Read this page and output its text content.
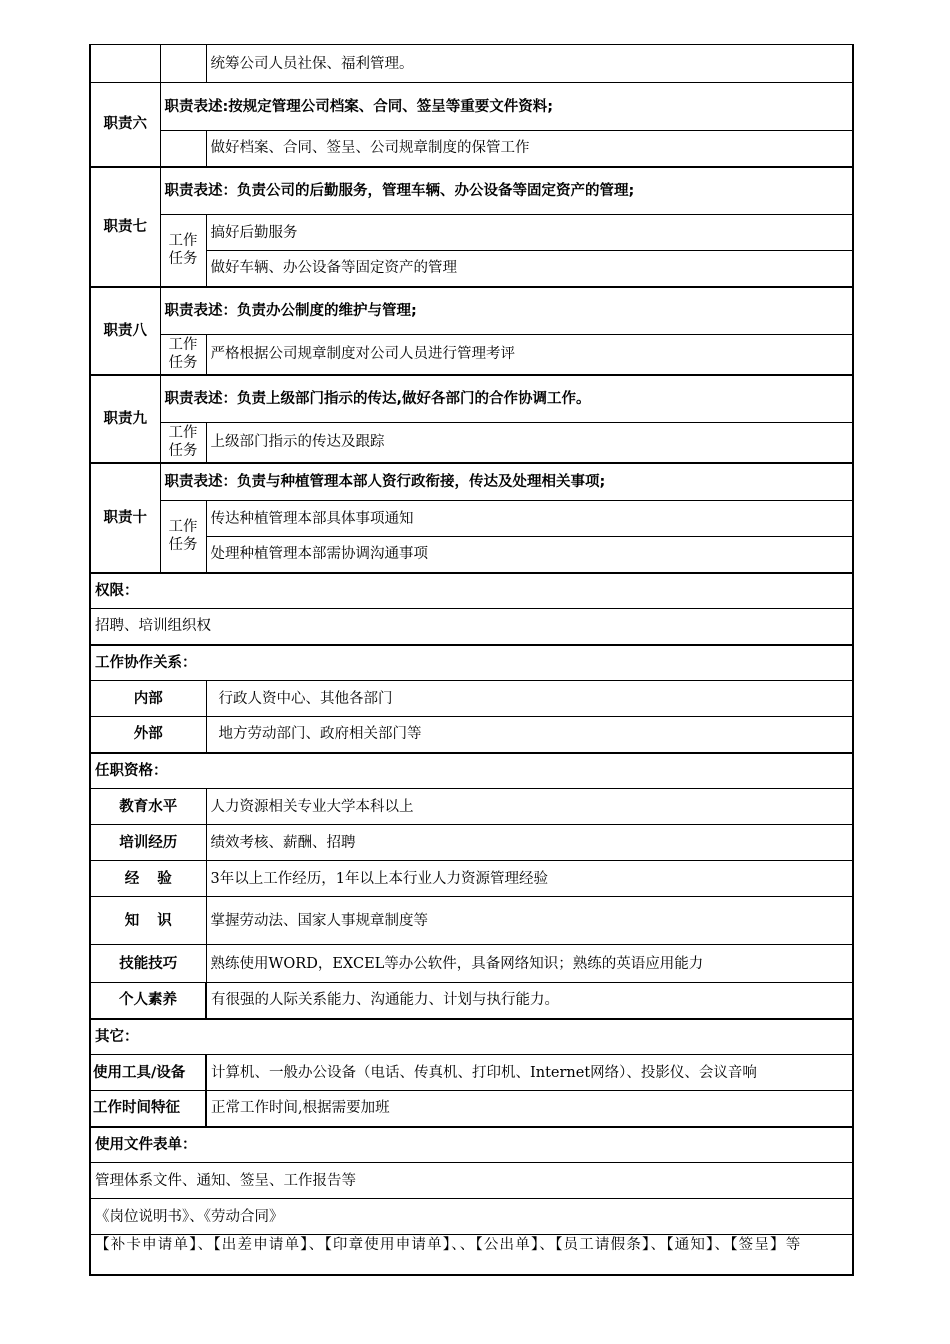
		统筹公司人员社保、福利管理。
职责六	职责表述:按规定管理公司档案、合同、签呈等重要文件资料;	
		做好档案、合同、签呈、公司规章制度的保管工作
职责七	职责表述：负责公司的后勤服务，管理车辆、办公设备等固定资产的管理;	
	工作任务	搞好后勤服务
		做好车辆、办公设备等固定资产的管理
职责八	职责表述：负责办公制度的维护与管理;	
	工作任务	严格根据公司规章制度对公司人员进行管理考评
职责九	职责表述：负责上级部门指示的传达,做好各部门的合作协调工作。	
	工作任务	上级部门指示的传达及跟踪
职责十	职责表述：负责与种植管理本部人资行政衔接，传达及处理相关事项;	
	工作任务	传达种植管理本部具体事项通知
		处理种植管理本部需协调沟通事项
权限：		
招聘、培训组织权		
工作协作关系：		
内部		行政人资中心、其他各部门
外部		地方劳动部门、政府相关部门等
任职资格：		
教育水平		人力资源相关专业大学本科以上
培训经历		绩效考核、薪酬、招聘
经验		3年以上工作经历，1年以上本行业人力资源管理经验
知识		掌握劳动法、国家人事规章制度等
技能技巧		熟练使用WORD，EXCEL等办公软件，具备网络知识；熟练的英语应用能力
个人素养		有很强的人际关系能力、沟通能力、计划与执行能力。
其它：		
使用工具/设备		计算机、一般办公设备（电话、传真机、打印机、Internet网络）、投影仪、会议音响
工作时间特征		正常工作时间,根据需要加班
使用文件表单：		
管理体系文件、通知、签呈、工作报告等		
《岗位说明书》、《劳动合同》		
【补卡申请单】、【出差申请单】、【印章使用申请单】、、【公出单】、【员工请假条】、【通知】、【签呈】等		
